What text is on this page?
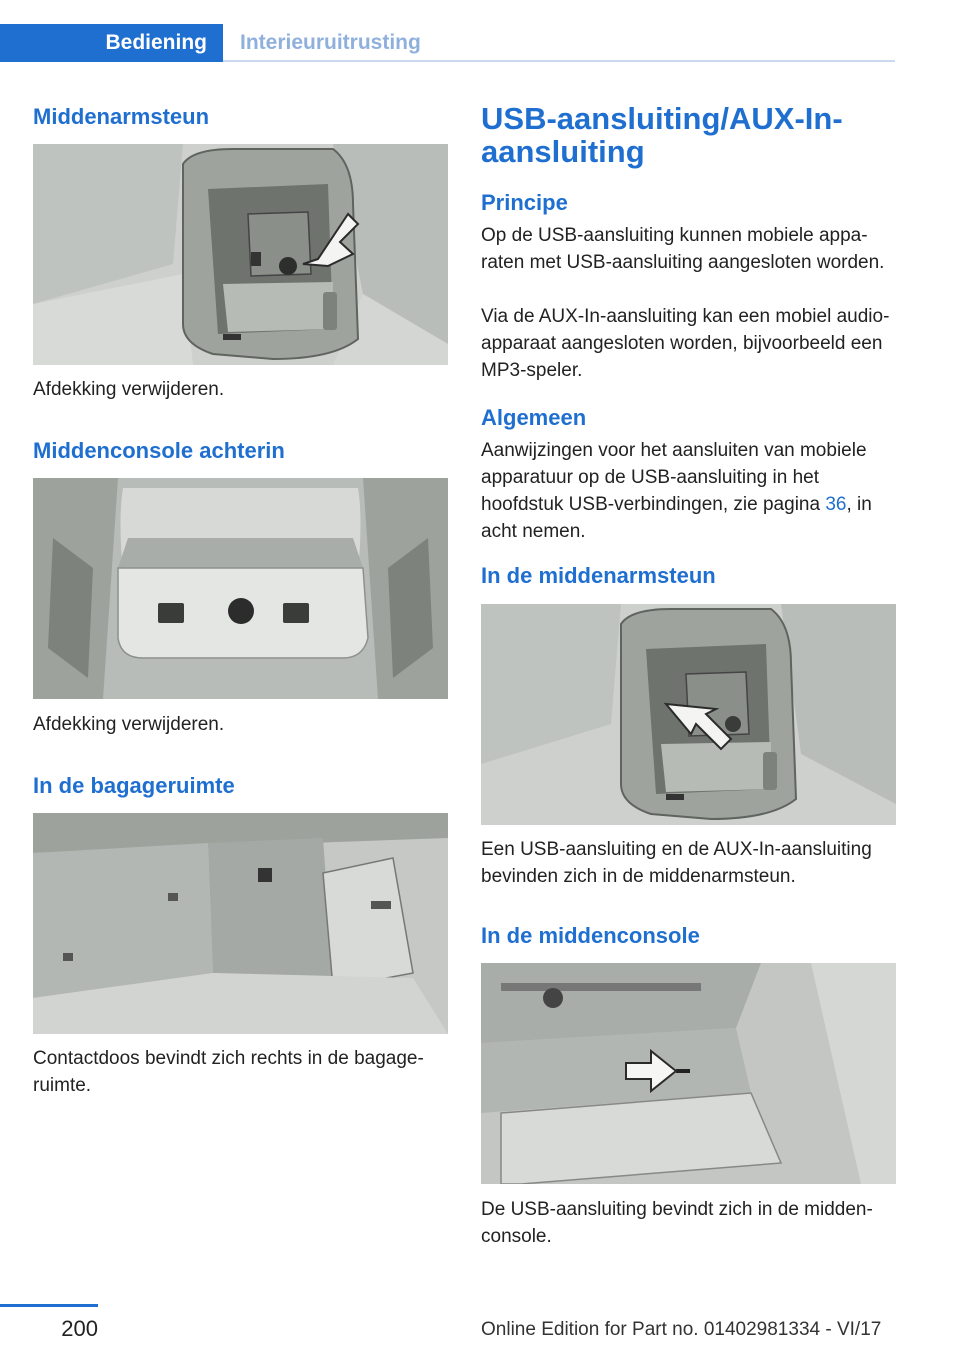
Bediening	Interieuruitrusting
Middenarmsteun
Afdekking verwijderen.
Middenconsole achterin
Afdekking verwijderen.
In de bagageruimte
Contactdoos bevindt zich rechts in de bagageruimte.
USB-aansluiting/AUX-In-aansluiting
Principe
Op de USB-aansluiting kunnen mobiele apparaten met USB-aansluiting aangesloten worden.
Via de AUX-In-aansluiting kan een mobiel audio-apparaat aangesloten worden, bijvoorbeeld een MP3-speler.
Algemeen
Aanwijzingen voor het aansluiten van mobiele apparatuur op de USB-aansluiting in het hoofdstuk USB-verbindingen, zie pagina 36, in acht nemen.
In de middenarmsteun
Een USB-aansluiting en de AUX-In-aansluiting bevinden zich in de middenarmsteun.
In de middenconsole
De USB-aansluiting bevindt zich in de middenconsole.
200	Online Edition for Part no. 01402981334 - VI/17
